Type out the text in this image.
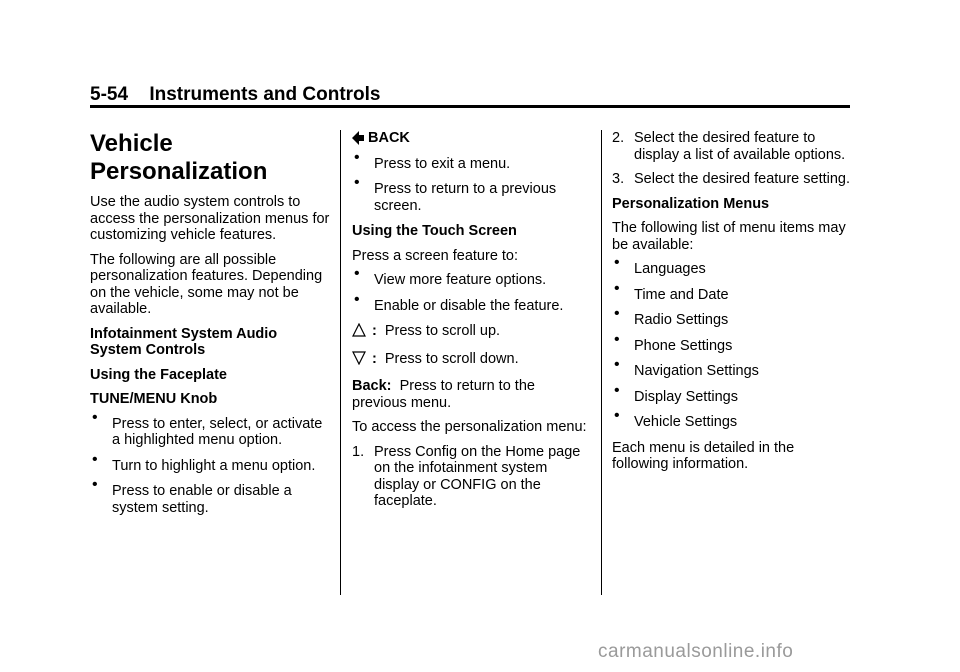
5-54 Instruments and Controls
Vehicle
Personalization

Use the audio system controls to access the personalization menus for customizing vehicle features.

The following are all possible personalization features. Depending on the vehicle, some may not be available.

Infotainment System Audio System Controls

Using the Faceplate

TUNE/MENU Knob

• Press to enter, select, or activate a highlighted menu option.
• Turn to highlight a menu option.
• Press to enable or disable a system setting.
BACK
• Press to exit a menu.
• Press to return to a previous screen.

Using the Touch Screen

Press a screen feature to:

• View more feature options.
• Enable or disable the feature.
: Press to scroll up.
: Press to scroll down.

Back: Press to return to the previous menu.

To access the personalization menu:

1. Press Config on the Home page on the infotainment system display or CONFIG on the faceplate.
2. Select the desired feature to display a list of available options.
3. Select the desired feature setting.

Personalization Menus

The following list of menu items may be available:

• Languages
• Time and Date
• Radio Settings
• Phone Settings
• Navigation Settings
• Display Settings
• Vehicle Settings

Each menu is detailed in the following information.

carmanualsonline.info
